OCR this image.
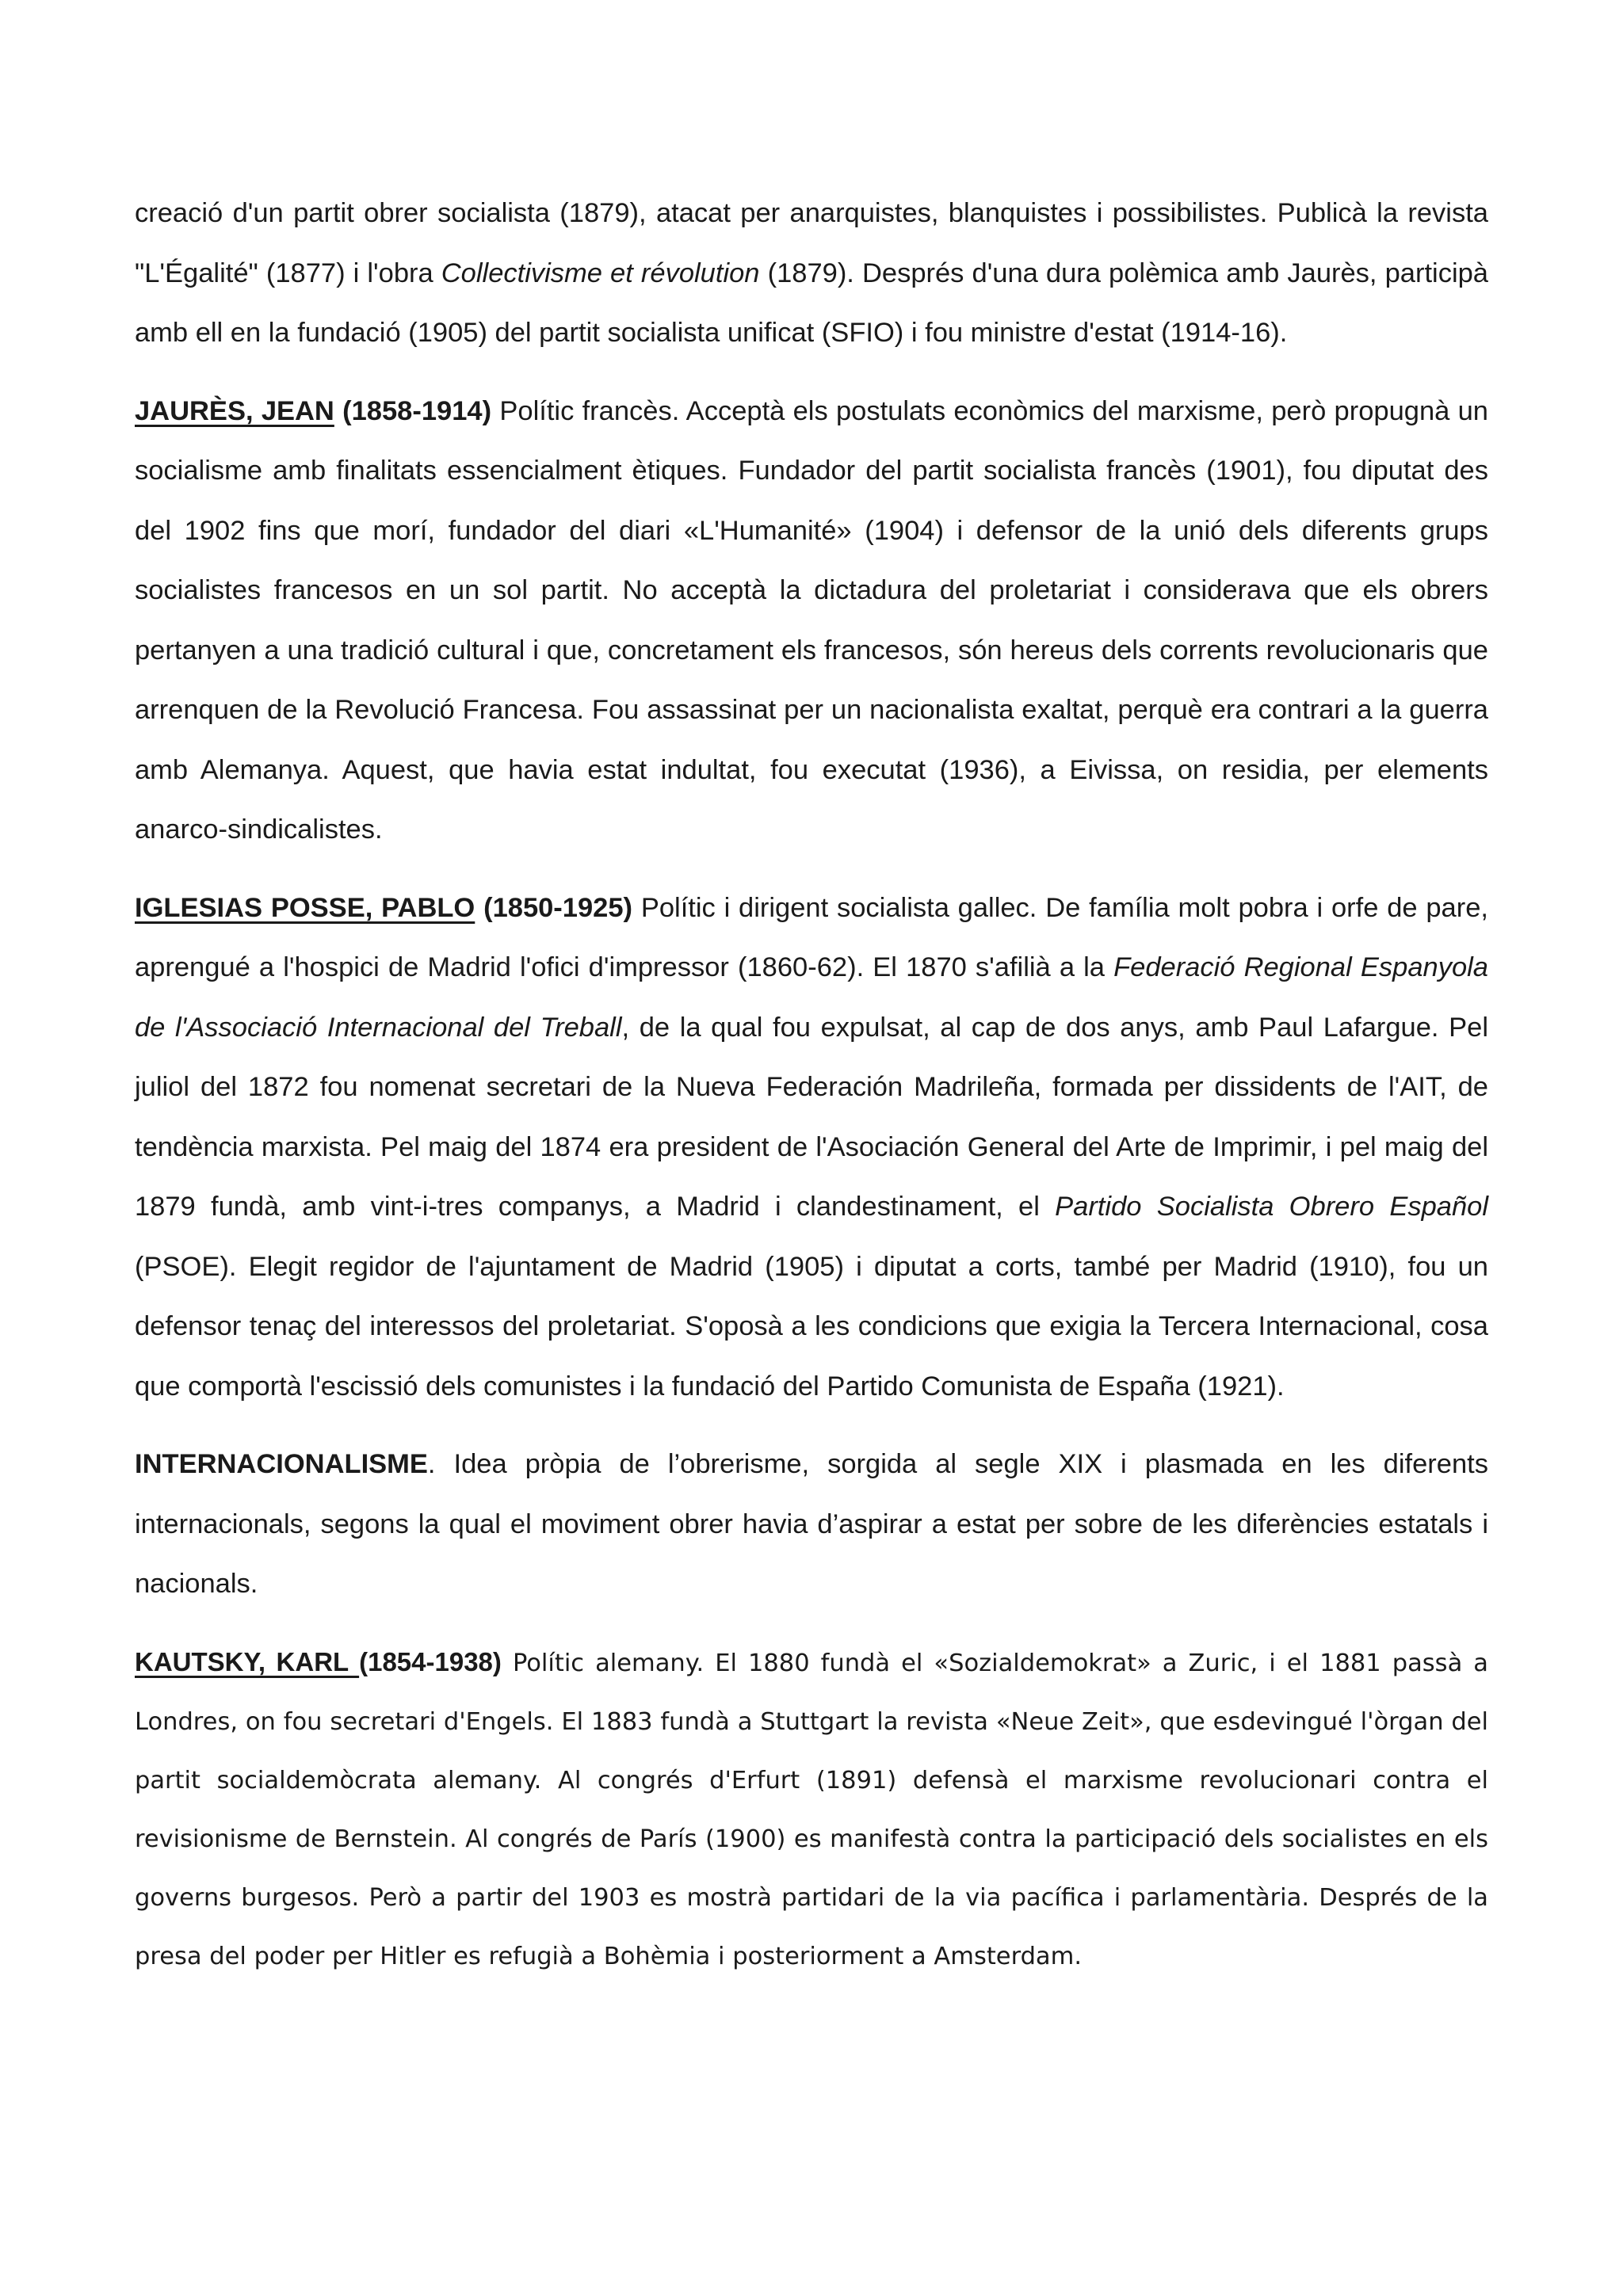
creació d'un partit obrer socialista (1879), atacat per anarquistes, blanquistes i possibilistes. Publicà la revista "L'Égalité" (1877) i l'obra Collectivisme et révolution (1879). Després d'una dura polèmica amb Jaurès, participà amb ell en la fundació (1905) del partit socialista unificat (SFIO) i fou ministre d'estat (1914-16).

JAURÈS, JEAN (1858-1914) Polític francès. Acceptà els postulats econòmics del marxisme, però propugnà un socialisme amb finalitats essencialment ètiques. Fundador del partit socialista francès (1901), fou diputat des del 1902 fins que morí, fundador del diari «L'Humanité» (1904) i defensor de la unió dels diferents grups socialistes francesos en un sol partit. No acceptà la dictadura del proletariat i considerava que els obrers pertanyen a una tradició cultural i que, concretament els francesos, són hereus dels corrents revolucionaris que arrenquen de la Revolució Francesa. Fou assassinat per un nacionalista exaltat, perquè era contrari a la guerra amb Alemanya. Aquest, que havia estat indultat, fou executat (1936), a Eivissa, on residia, per elements anarco-sindicalistes.

IGLESIAS POSSE, PABLO (1850-1925) Polític i dirigent socialista gallec. De família molt pobra i orfe de pare, aprengué a l'hospici de Madrid l'ofici d'impressor (1860-62). El 1870 s'afilià a la Federació Regional Espanyola de l'Associació Internacional del Treball, de la qual fou expulsat, al cap de dos anys, amb Paul Lafargue. Pel juliol del 1872 fou nomenat secretari de la Nueva Federación Madrileña, formada per dissidents de l'AIT, de tendència marxista. Pel maig del 1874 era president de l'Asociación General del Arte de Imprimir, i pel maig del 1879 fundà, amb vint-i-tres companys, a Madrid i clandestinament, el Partido Socialista Obrero Español (PSOE). Elegit regidor de l'ajuntament de Madrid (1905) i diputat a corts, també per Madrid (1910), fou un defensor tenaç del interessos del proletariat. S'oposà a les condicions que exigia la Tercera Internacional, cosa que comportà l'escissió dels comunistes i la fundació del Partido Comunista de España (1921).

INTERNACIONALISME. Idea pròpia de l’obrerisme, sorgida al segle XIX i plasmada en les diferents internacionals, segons la qual el moviment obrer havia d’aspirar a estat per sobre de les diferències estatals i nacionals.

KAUTSKY, KARL (1854-1938) Polític alemany. El 1880 fundà el «Sozialdemokrat» a Zuric, i el 1881 passà a Londres, on fou secretari d'Engels. El 1883 fundà a Stuttgart la revista «Neue Zeit», que esdevingué l'òrgan del partit socialdemòcrata alemany. Al congrés d'Erfurt (1891) defensà el marxisme revolucionari contra el revisionisme de Bernstein. Al congrés de París (1900) es manifestà contra la participació dels socialistes en els governs burgesos. Però a partir del 1903 es mostrà partidari de la via pacífica i parlamentària. Després de la presa del poder per Hitler es refugià a Bohèmia i posteriorment a Amsterdam.
